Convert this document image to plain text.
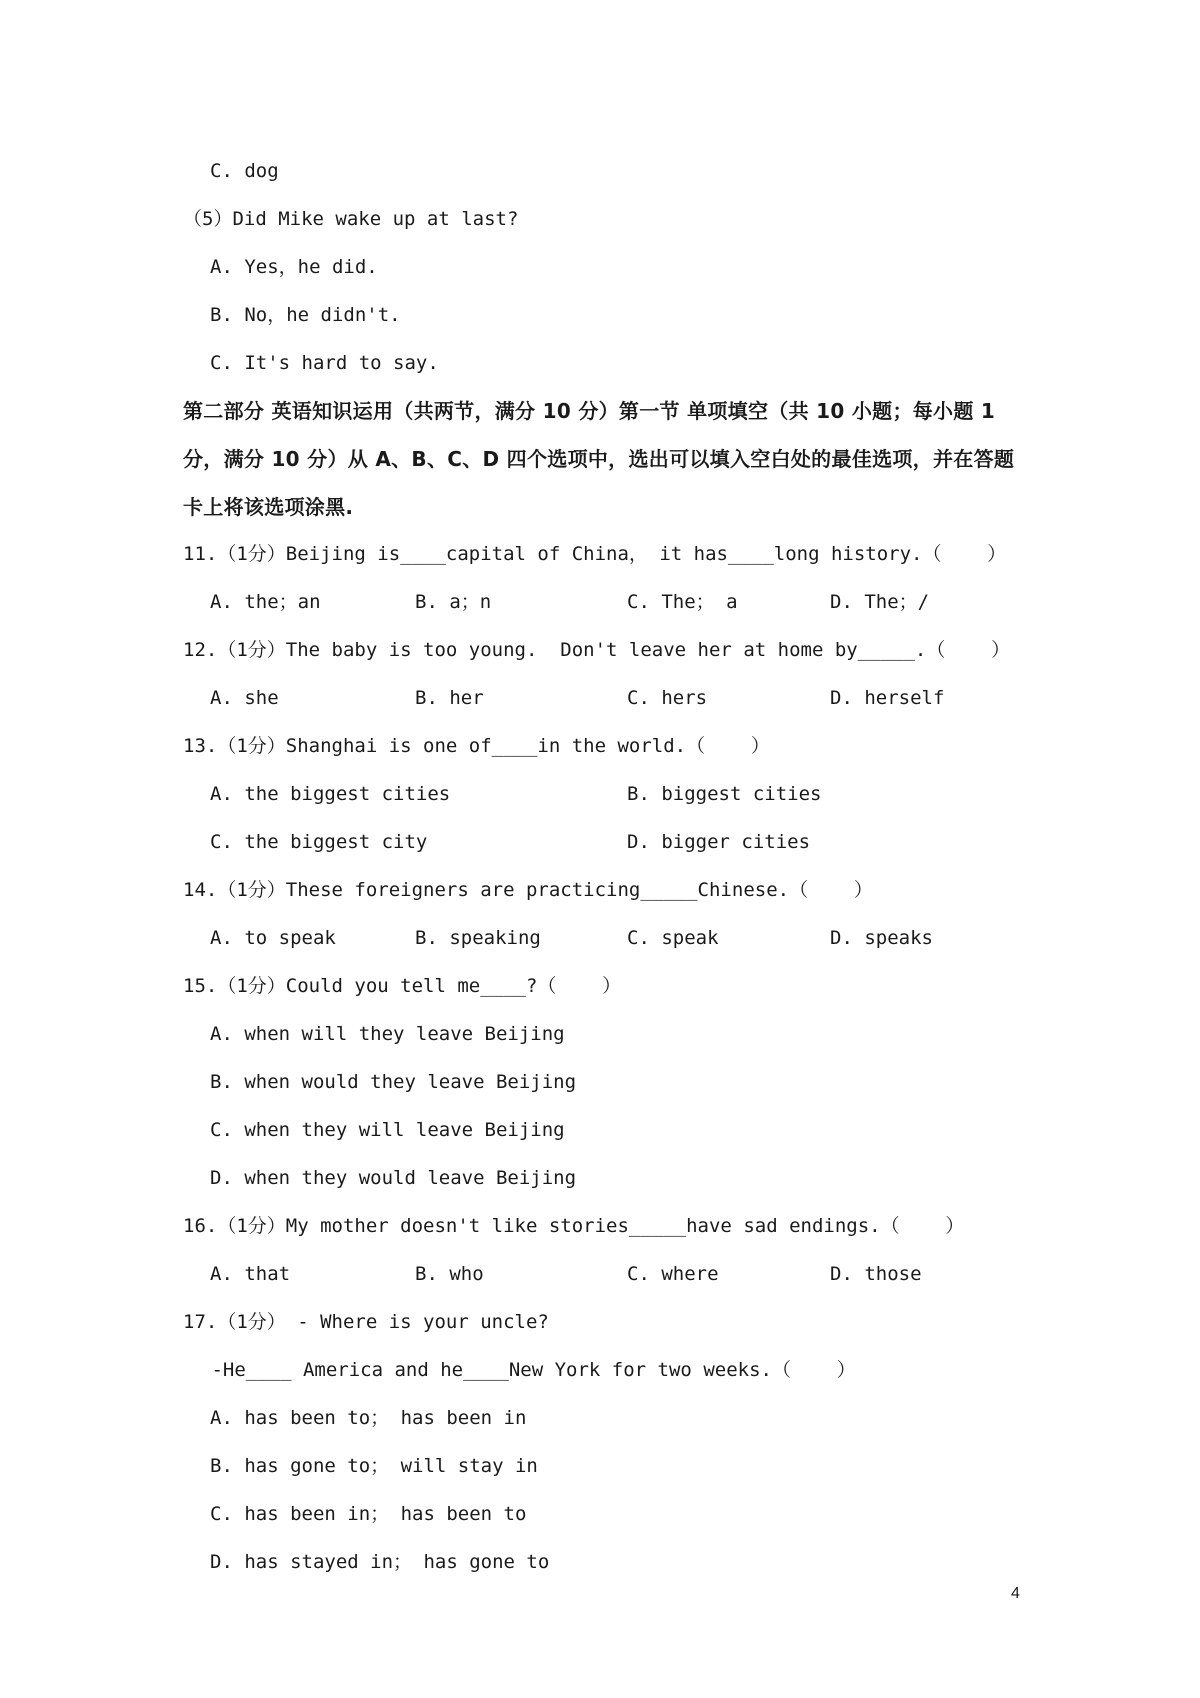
C. dog
（5）Did Mike wake up at last?
A. Yes，he did.
B. No，he didn't.
C. It's hard to say.
第二部分 英语知识运用（共两节，满分 10 分）第一节 单项填空（共 10 小题；每小题 1 分，满分 10 分）从 A、B、C、D 四个选项中，选出可以填入空白处的最佳选项，并在答题卡上将该选项涂黑.
11.（1分）Beijing is____capital of China， it has____long history.（    ）
A. the；an	B. a；n	C. The； a	D. The；/
12.（1分）The baby is too young.  Don't leave her at home by_____.（    ）
A. she	B. her	C. hers	D. herself
13.（1分）Shanghai is one of____in the world.（    ）
A. the biggest cities	B. biggest cities
C. the biggest city	D. bigger cities
14.（1分）These foreigners are practicing_____Chinese.（    ）
A. to speak	B. speaking	C. speak	D. speaks
15.（1分）Could you tell me____?（    ）
A. when will they leave Beijing
B. when would they leave Beijing
C. when they will leave Beijing
D. when they would leave Beijing
16.（1分）My mother doesn't like stories_____have sad endings.（    ）
A. that	B. who	C. where	D. those
17.（1分） - Where is your uncle?
-He____ America and he____New York for two weeks.（    ）
A. has been to； has been in
B. has gone to； will stay in
C. has been in； has been to
D. has stayed in； has gone to
4
